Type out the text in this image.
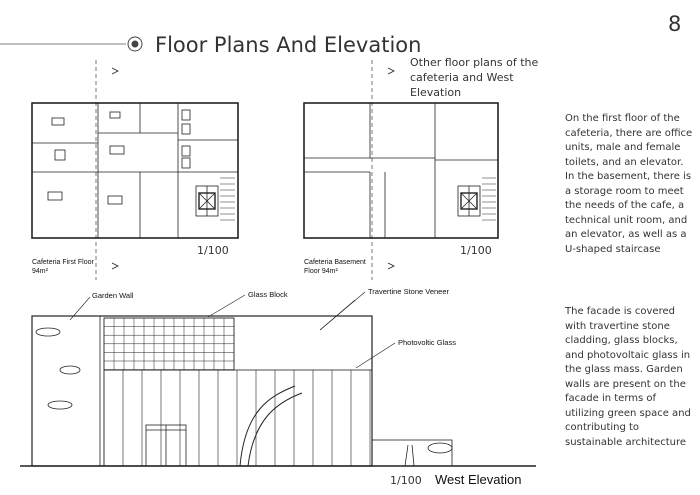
Floor Plans And Elevation
8
Other floor plans of the cafeteria and West Elevation
On the first floor of the cafeteria, there are office units, male and female toilets, and an elevator. In the basement, there is a storage room to meet the needs of the cafe, a technical unit room, and an elevator, as well as a U-shaped staircase
The facade is covered with travertine stone cladding, glass blocks, and photovoltaic glass in the glass mass. Garden walls are present on the facade in terms of utilizing green space and contributing to sustainable architecture
Cafeteria First Floor
94m²
1/100
Cafeteria Basement
Floor 94m²
1/100
Garden Wall	Glass Block	Travertine Stone Veneer
Photovoltic Glass
1/100 West Elevation
